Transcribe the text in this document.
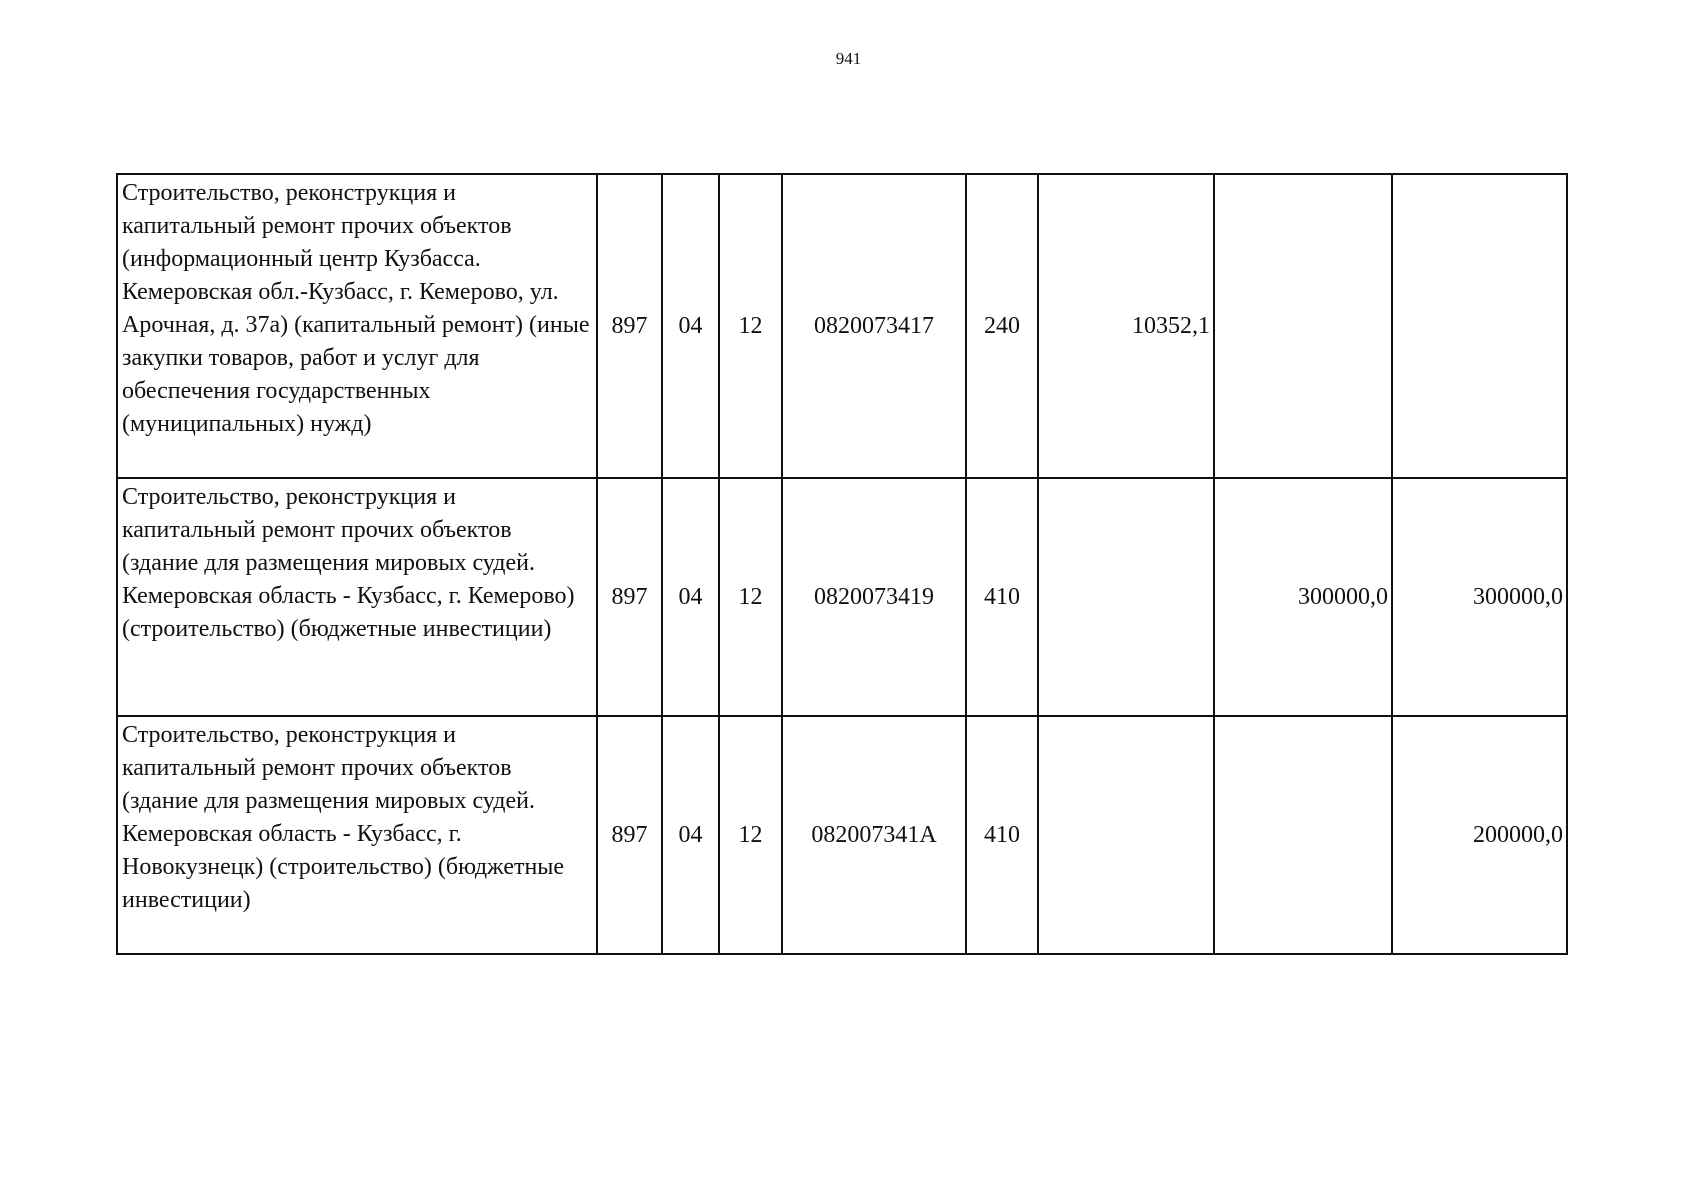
941
Строительство, реконструкция и капитальный ремонт прочих объектов (информационный центр Кузбасса. Кемеровская обл.-Кузбасс, г. Кемерово, ул. Арочная, д. 37а) (капитальный ремонт) (иные закупки товаров, работ и услуг для обеспечения государственных (муниципальных) нужд)	897	04	12	0820073417	240	10352,1		
Строительство, реконструкция и капитальный ремонт прочих объектов (здание для размещения мировых судей. Кемеровская область - Кузбасс, г. Кемерово) (строительство) (бюджетные инвестиции)	897	04	12	0820073419	410		300000,0	300000,0
Строительство, реконструкция и капитальный ремонт прочих объектов (здание для размещения мировых судей. Кемеровская область - Кузбасс, г. Новокузнецк) (строительство) (бюджетные инвестиции)	897	04	12	082007341А	410			200000,0
